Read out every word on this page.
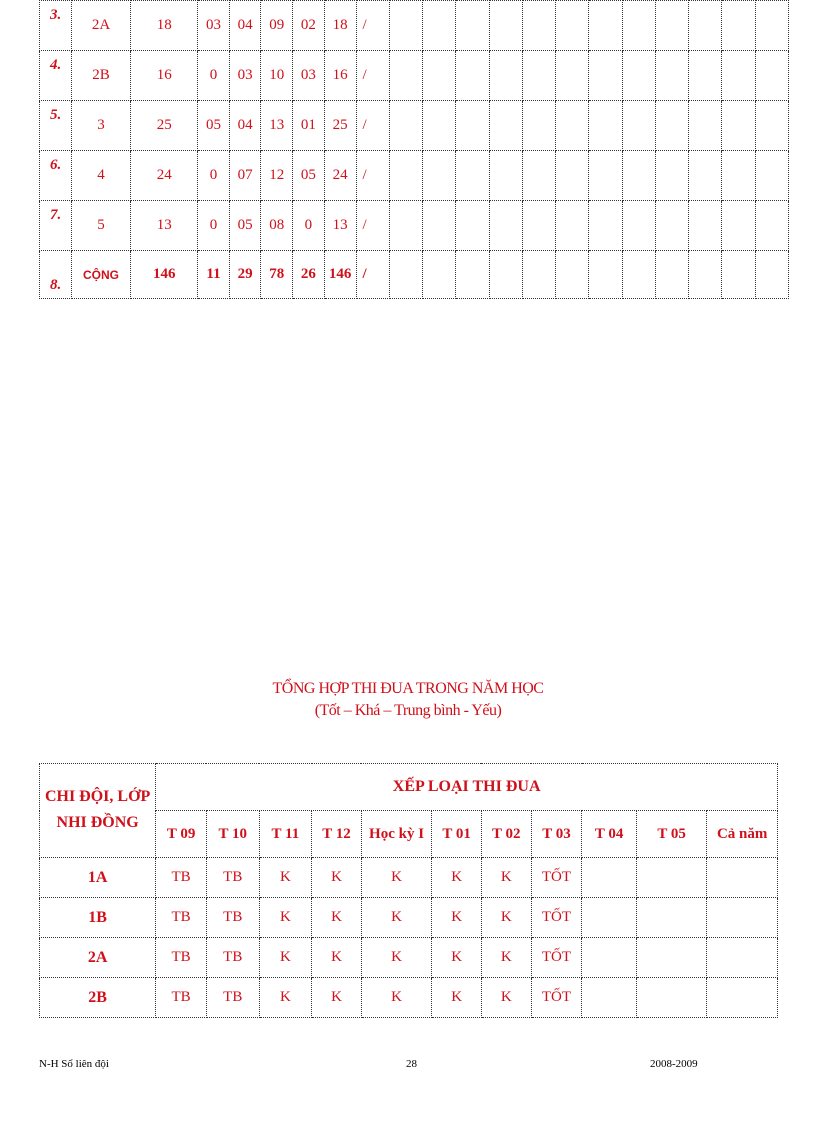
3.	2A	18	03	04	09	02	18	/												
4.	2B	16	0	03	10	03	16	/												
5.	3	25	05	04	13	01	25	/												
6.	4	24	0	07	12	05	24	/												
7.	5	13	0	05	08	0	13	/												
8.	CỘNG	146	11	29	78	26	146	/												
TỔNG HỢP THI ĐUA TRONG NĂM HỌC
(Tốt – Khá – Trung bình - Yếu)
CHI ĐỘI, LỚP
NHI ĐỒNG	XẾP LOẠI THI ĐUA										
	T 09	T 10	T 11	T 12	Học kỳ I	T 01	T 02	T 03	T 04	T 05	Cả năm
1A	TB	TB	K	K	K	K	K	TỐT			
1B	TB	TB	K	K	K	K	K	TỐT			
2A	TB	TB	K	K	K	K	K	TỐT			
2B	TB	TB	K	K	K	K	K	TỐT			
N-H Sổ liên đội	28	2008-2009
